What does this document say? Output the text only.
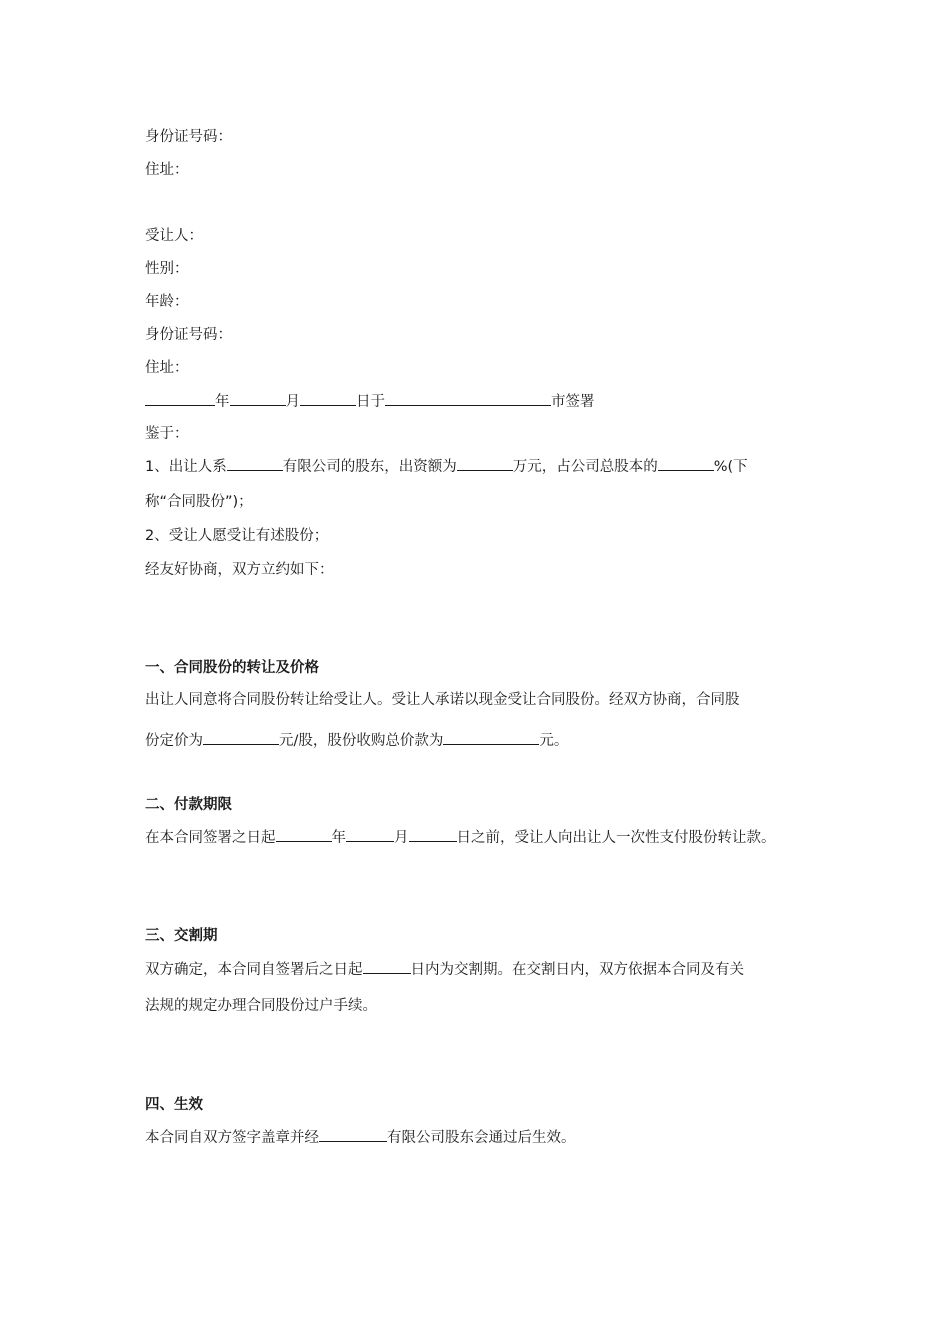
身份证号码：
住址：
受让人：
性别：
年龄：
身份证号码：
住址：
年	月	日于	市签署
鉴于：
1、出让人系	有限公司的股东，出资额为	万元，占公司总股本的	%(下
称“合同股份”)；
2、受让人愿受让有述股份；
经友好协商，双方立约如下：
一、合同股份的转让及价格
出让人同意将合同股份转让给受让人。受让人承诺以现金受让合同股份。经双方协商，合同股
份定价为	元/股，股份收购总价款为	元。
二、付款期限
在本合同签署之日起	年	月	日之前，受让人向出让人一次性支付股份转让款。
三、交割期
双方确定，本合同自签署后之日起	日内为交割期。在交割日内，双方依据本合同及有关
法规的规定办理合同股份过户手续。
四、生效
本合同自双方签字盖章并经	有限公司股东会通过后生效。
